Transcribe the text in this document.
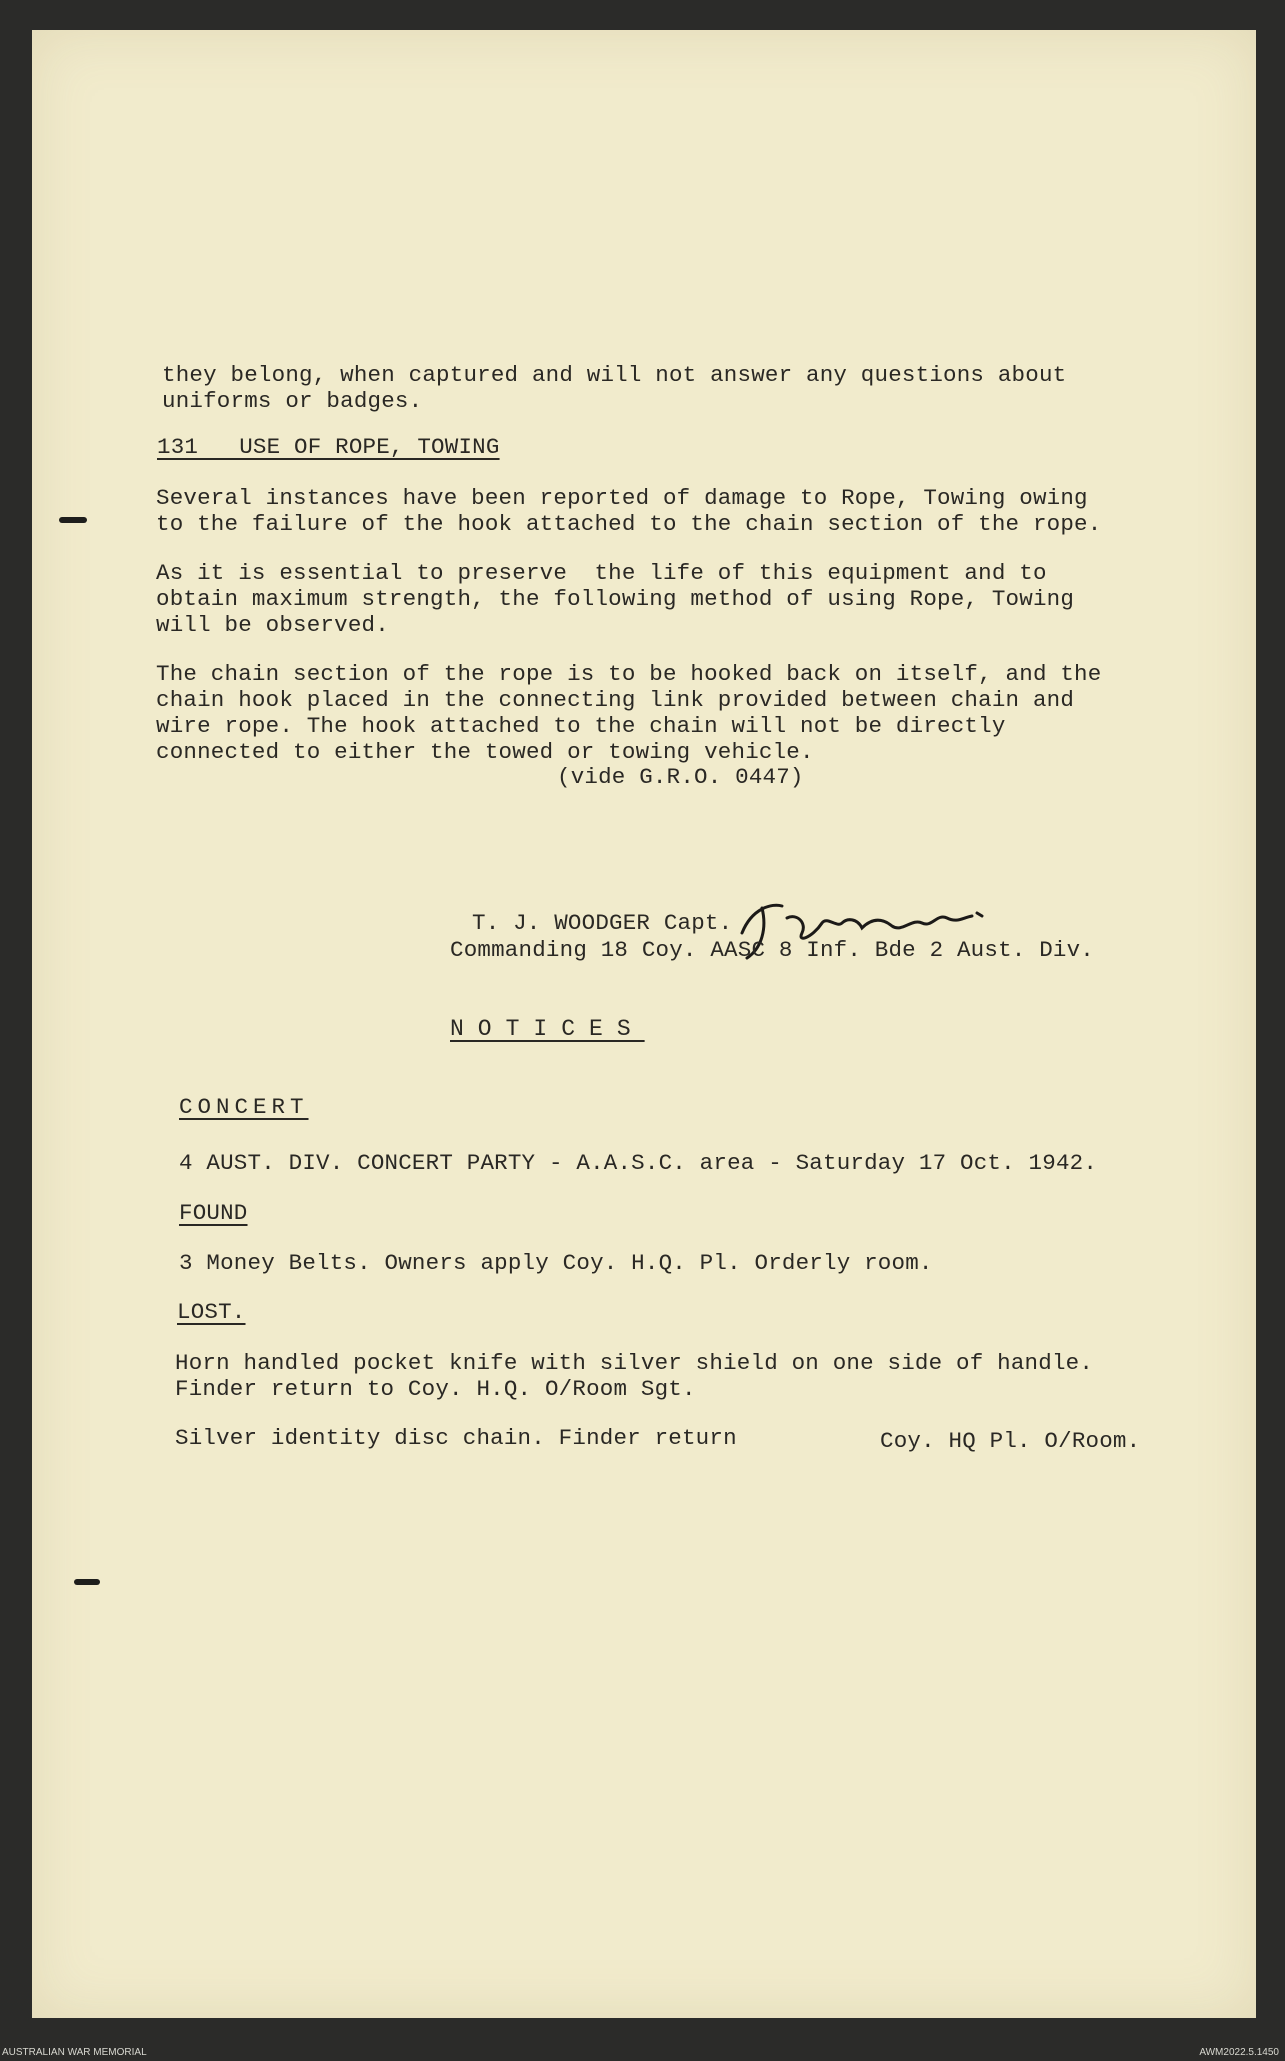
they belong, when captured and will not answer any questions about
uniforms or badges.
131   USE OF ROPE, TOWING
Several instances have been reported of damage to Rope, Towing owing
to the failure of the hook attached to the chain section of the rope.
As it is essential to preserve  the life of this equipment and to
obtain maximum strength, the following method of using Rope, Towing
will be observed.
The chain section of the rope is to be hooked back on itself, and the
chain hook placed in the connecting link provided between chain and
wire rope. The hook attached to the chain will not be directly
connected to either the towed or towing vehicle.
(vide G.R.O. 0447)
T. J. WOODGER Capt.
Commanding 18 Coy. AASC 8 Inf. Bde 2 Aust. Div.
NOTICES
CONCERT
4 AUST. DIV. CONCERT PARTY - A.A.S.C. area - Saturday 17 Oct. 1942.
FOUND
3 Money Belts. Owners apply Coy. H.Q. Pl. Orderly room.
LOST.
Horn handled pocket knife with silver shield on one side of handle.
Finder return to Coy. H.Q. O/Room Sgt.
Silver identity disc chain. Finder return	Coy. HQ Pl. O/Room.
AUSTRALIAN WAR MEMORIAL	AWM2022.5.1450
